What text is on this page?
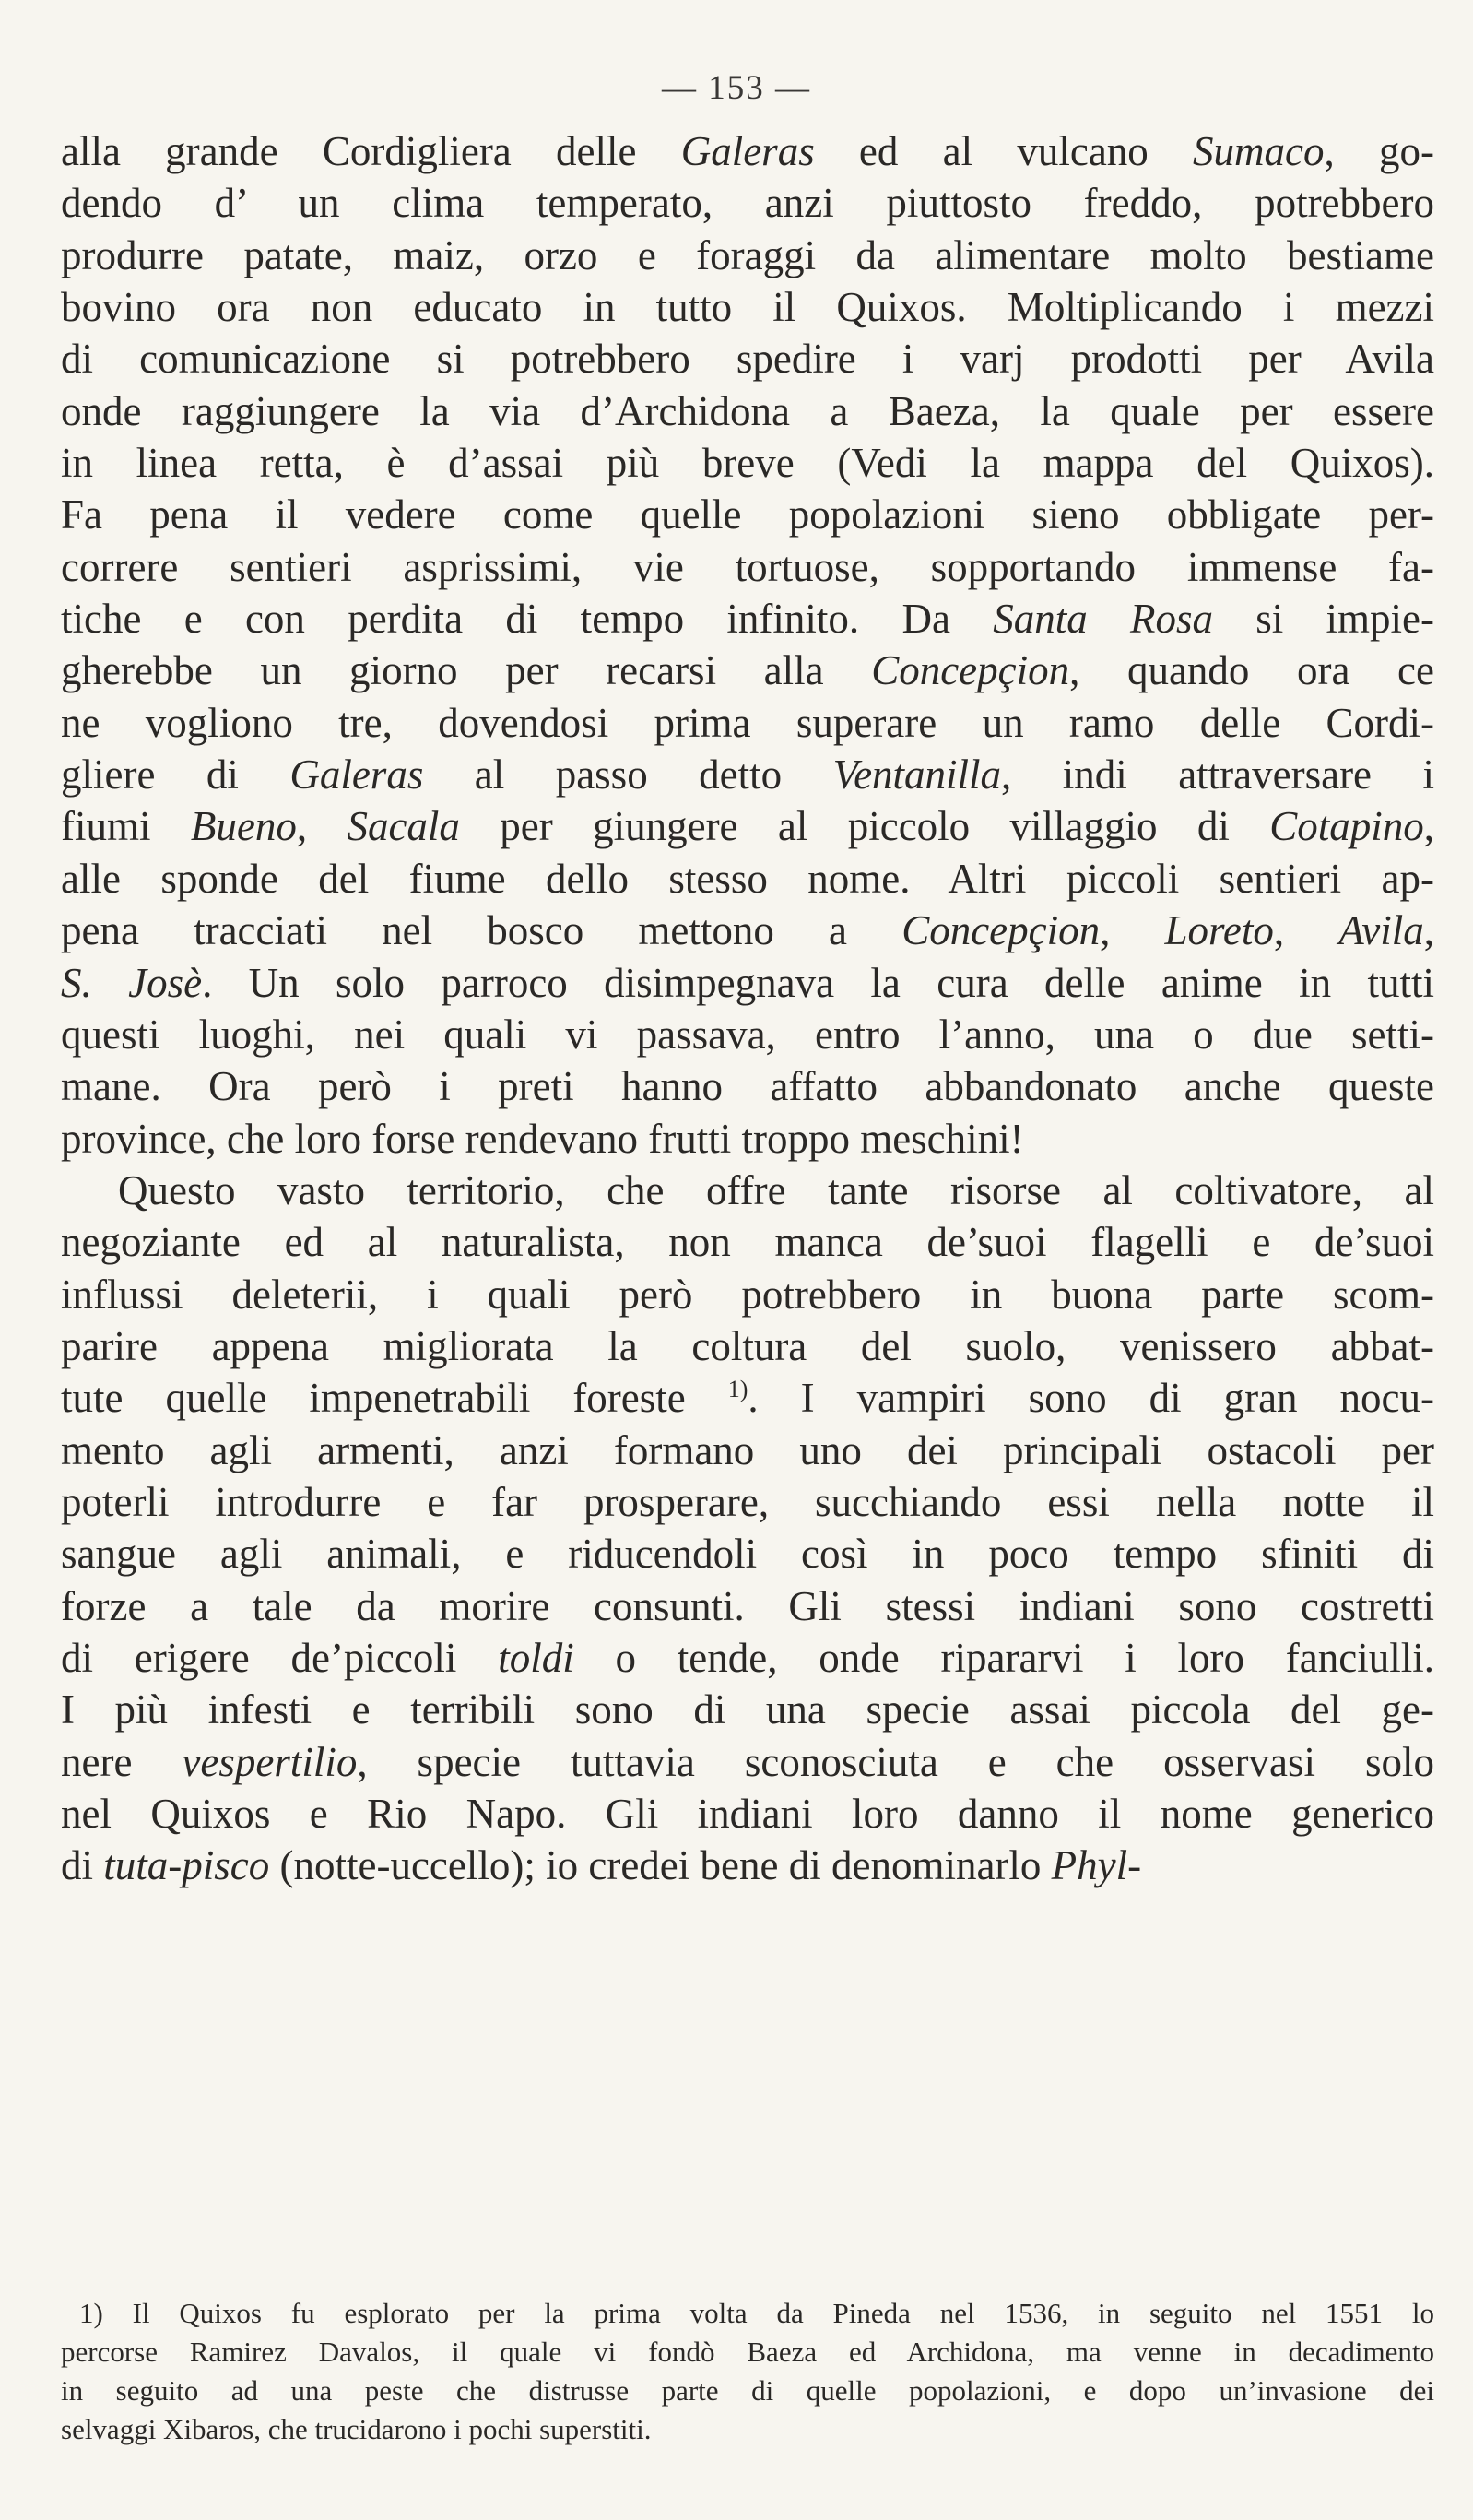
— 153 —
alla grande Cordigliera delle Galeras ed al vulcano Sumaco, go-
dendo d’ un clima temperato, anzi piuttosto freddo, potrebbero
produrre patate, maiz, orzo e foraggi da alimentare molto bestiame
bovino ora non educato in tutto il Quixos. Moltiplicando i mezzi
di comunicazione si potrebbero spedire i varj prodotti per Avila
onde raggiungere la via d’Archidona a Baeza, la quale per essere
in linea retta, è d’assai più breve (Vedi la mappa del Quixos).
Fa pena il vedere come quelle popolazioni sieno obbligate per-
correre sentieri asprissimi, vie tortuose, sopportando immense fa-
tiche e con perdita di tempo infinito. Da Santa Rosa si impie-
gherebbe un giorno per recarsi alla Concepçion, quando ora ce
ne vogliono tre, dovendosi prima superare un ramo delle Cordi-
gliere di Galeras al passo detto Ventanilla, indi attraversare i
fiumi Bueno, Sacala per giungere al piccolo villaggio di Cotapino,
alle sponde del fiume dello stesso nome. Altri piccoli sentieri ap-
pena tracciati nel bosco mettono a Concepçion, Loreto, Avila,
S. Josè. Un solo parroco disimpegnava la cura delle anime in tutti
questi luoghi, nei quali vi passava, entro l’anno, una o due setti-
mane. Ora però i preti hanno affatto abbandonato anche queste
province, che loro forse rendevano frutti troppo meschini!
Questo vasto territorio, che offre tante risorse al coltivatore, al
negoziante ed al naturalista, non manca de’suoi flagelli e de’suoi
influssi deleterii, i quali però potrebbero in buona parte scom-
parire appena migliorata la coltura del suolo, venissero abbat-
tute quelle impenetrabili foreste $^{1)}$. I vampiri sono di gran nocu-
mento agli armenti, anzi formano uno dei principali ostacoli per
poterli introdurre e far prosperare, succhiando essi nella notte il
sangue agli animali, e riducendoli così in poco tempo sfiniti di
forze a tale da morire consunti. Gli stessi indiani sono costretti
di erigere de’piccoli toldi o tende, onde ripararvi i loro fanciulli.
I più infesti e terribili sono di una specie assai piccola del ge-
nere vespertilio, specie tuttavia sconosciuta e che osservasi solo
nel Quixos e Rio Napo. Gli indiani loro danno il nome generico
di tuta-pisco (notte-uccello); io credei bene di denominarlo Phyl-
1) Il Quixos fu esplorato per la prima volta da Pineda nel 1536, in seguito nel 1551 lo
percorse Ramirez Davalos, il quale vi fondò Baeza ed Archidona, ma venne in decadimento
in seguito ad una peste che distrusse parte di quelle popolazioni, e dopo un’invasione dei
selvaggi Xibaros, che trucidarono i pochi superstiti.
